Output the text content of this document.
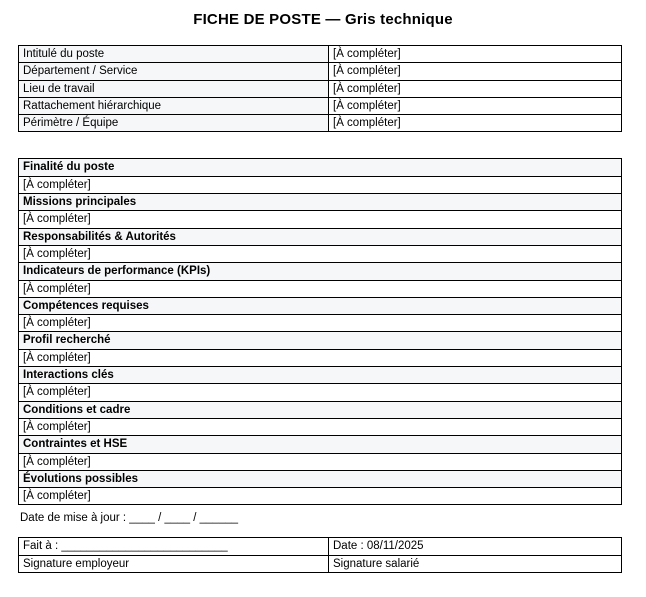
FICHE DE POSTE — Gris technique
Intitulé du poste	[À compléter]
Département / Service	[À compléter]
Lieu de travail	[À compléter]
Rattachement hiérarchique	[À compléter]
Périmètre / Équipe	[À compléter]
Finalité du poste
[À compléter]
Missions principales
[À compléter]
Responsabilités & Autorités
[À compléter]
Indicateurs de performance (KPIs)
[À compléter]
Compétences requises
[À compléter]
Profil recherché
[À compléter]
Interactions clés
[À compléter]
Conditions et cadre
[À compléter]
Contraintes et HSE
[À compléter]
Évolutions possibles
[À compléter]

Date de mise à jour : ____ / ____ / ______

Fait à : __________________________	Date : 08/11/2025
Signature employeur	Signature salarié
